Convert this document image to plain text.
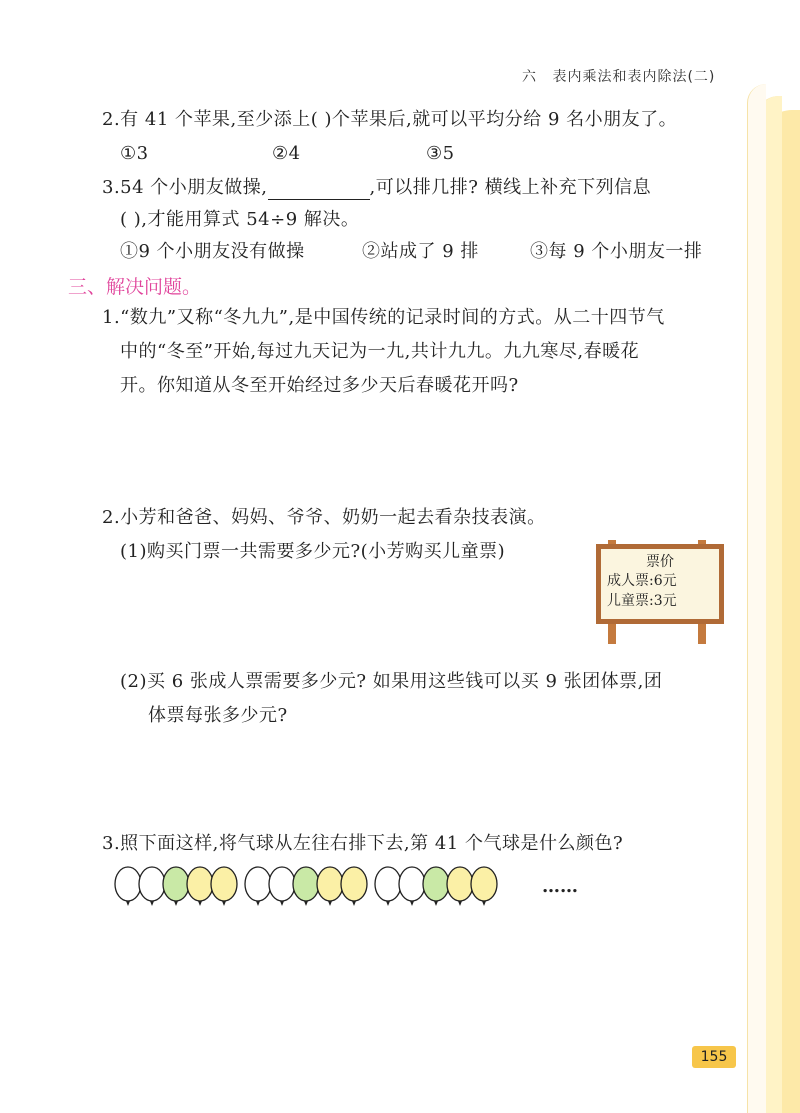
六 表内乘法和表内除法(二)
2.有 41 个苹果,至少添上( )个苹果后,就可以平均分给 9 名小朋友了。
①3	②4	③5
3.54 个小朋友做操,	,可以排几排? 横线上补充下列信息
( ),才能用算式 54÷9 解决。
①9 个小朋友没有做操	②站成了 9 排	③每 9 个小朋友一排
三、解决问题。
1.“数九”又称“冬九九”,是中国传统的记录时间的方式。从二十四节气
中的“冬至”开始,每过九天记为一九,共计九九。九九寒尽,春暖花
开。你知道从冬至开始经过多少天后春暖花开吗?
2.小芳和爸爸、妈妈、爷爷、奶奶一起去看杂技表演。
(1)购买门票一共需要多少元?(小芳购买儿童票)	票价
成人票:6元
儿童票:3元
(2)买 6 张成人票需要多少元? 如果用这些钱可以买 9 张团体票,团
体票每张多少元?
3.照下面这样,将气球从左往右排下去,第 41 个气球是什么颜色?
……
155
